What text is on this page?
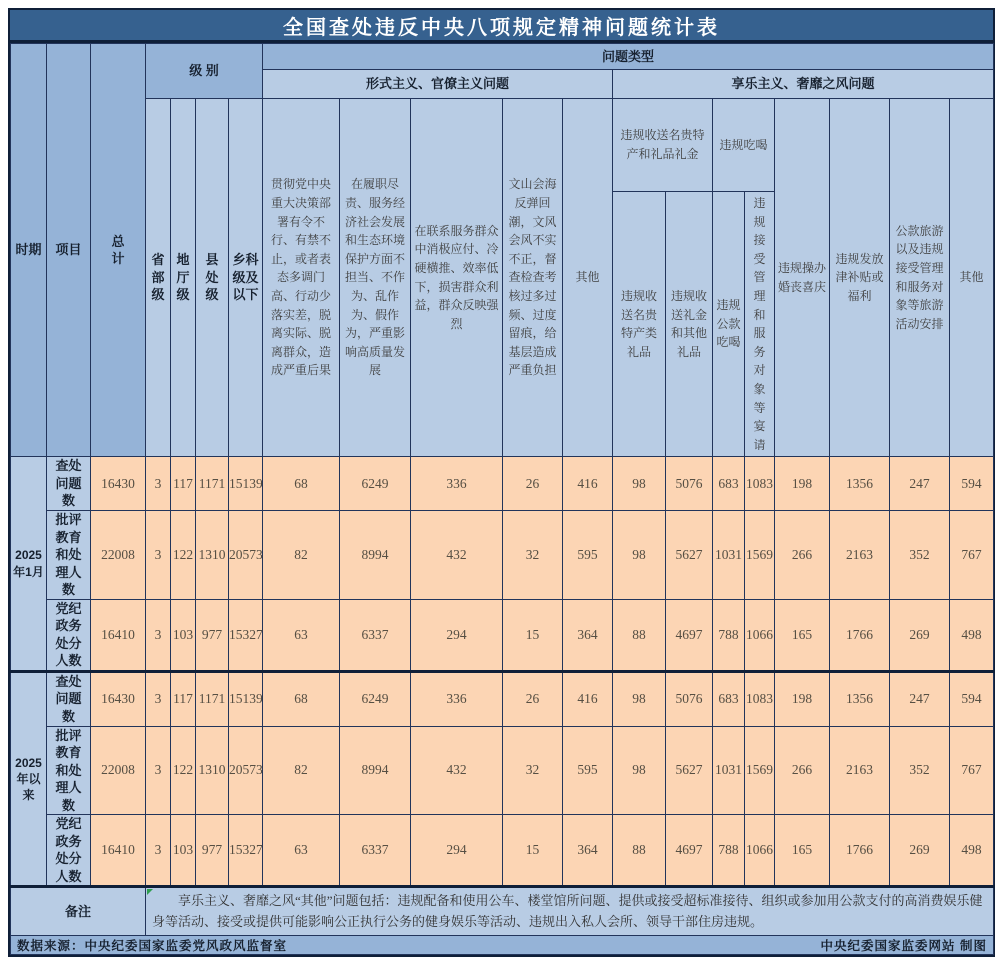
全国查处违反中央八项规定精神问题统计表
时期	项目	总计	级 别				问题类型												
							形式主义、官僚主义问题					享乐主义、奢靡之风问题							
			省部级	地厅级	县处级	乡科级及以下	贯彻党中央重大决策部署有令不行、有禁不止，或者表态多调门高、行动少落实差，脱离实际、脱离群众，造成严重后果	在履职尽责、服务经济社会发展和生态环境保护方面不担当、不作为、乱作为、假作为，严重影响高质量发展	在联系服务群众中消极应付、冷硬横推、效率低下，损害群众利益，群众反映强烈	文山会海反弹回潮，文风会风不实不正，督查检查考核过多过频、过度留痕，给基层造成严重负担	其他	违规收送名贵特产和礼品礼金		违规吃喝		违规操办婚丧喜庆	违规发放津补贴或福利	公款旅游以及违规接受管理和服务对象等旅游活动安排	其他
												违规收送名贵特产类礼品	违规收送礼金和其他礼品	违规公款吃喝	违规接受管理和服务对象等宴请				
2025年1月	查处问题数	16430	3	117	1171	15139	68	6249	336	26	416	98	5076	683	1083	198	1356	247	594
	批评教育和处理人数	22008	3	122	1310	20573	82	8994	432	32	595	98	5627	1031	1569	266	2163	352	767
	党纪政务处分人数	16410	3	103	977	15327	63	6337	294	15	364	88	4697	788	1066	165	1766	269	498
2025年以来	查处问题数	16430	3	117	1171	15139	68	6249	336	26	416	98	5076	683	1083	198	1356	247	594
	批评教育和处理人数	22008	3	122	1310	20573	82	8994	432	32	595	98	5627	1031	1569	266	2163	352	767
	党纪政务处分人数	16410	3	103	977	15327	63	6337	294	15	364	88	4697	788	1066	165	1766	269	498
备注			享乐主义、奢靡之风“其他”问题包括：违规配备和使用公车、楼堂馆所问题、提供或接受超标准接待、组织或参加用公款支付的高消费娱乐健身等活动、接受或提供可能影响公正执行公务的健身娱乐等活动、违规出入私人会所、领导干部住房违规。																

数据来源：中央纪委国家监委党风政风监督室 中央纪委国家监委网站 制图																			
